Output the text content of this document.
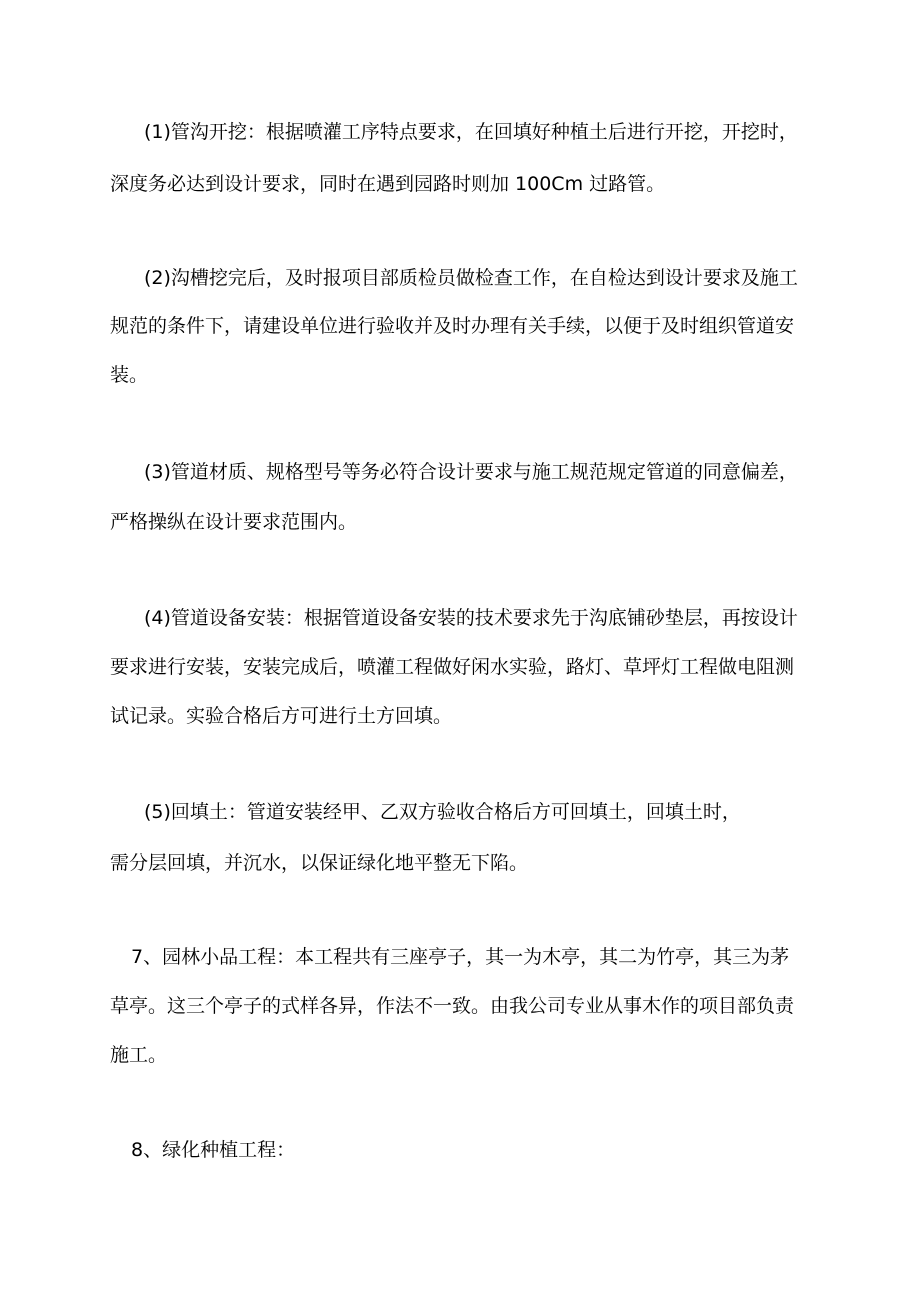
(1)管沟开挖：根据喷灌工序特点要求，在回填好种植土后进行开挖，开挖时，
深度务必达到设计要求，同时在遇到园路时则加 100Cm 过路管。
(2)沟槽挖完后，及时报项目部质检员做检查工作，在自检达到设计要求及施工
规范的条件下，请建设单位进行验收并及时办理有关手续，以便于及时组织管道安
装。
(3)管道材质、规格型号等务必符合设计要求与施工规范规定管道的同意偏差，
严格操纵在设计要求范围内。
(4)管道设备安装：根据管道设备安装的技术要求先于沟底铺砂垫层，再按设计
要求进行安装，安装完成后，喷灌工程做好闲水实验，路灯、草坪灯工程做电阻测
试记录。实验合格后方可进行土方回填。
(5)回填土：管道安装经甲、乙双方验收合格后方可回填土，回填土时，
需分层回填，并沉水，以保证绿化地平整无下陷。
7、园林小品工程：本工程共有三座亭子，其一为木亭，其二为竹亭，其三为茅
草亭。这三个亭子的式样各异，作法不一致。由我公司专业从事木作的项目部负责
施工。
8、绿化种植工程：
